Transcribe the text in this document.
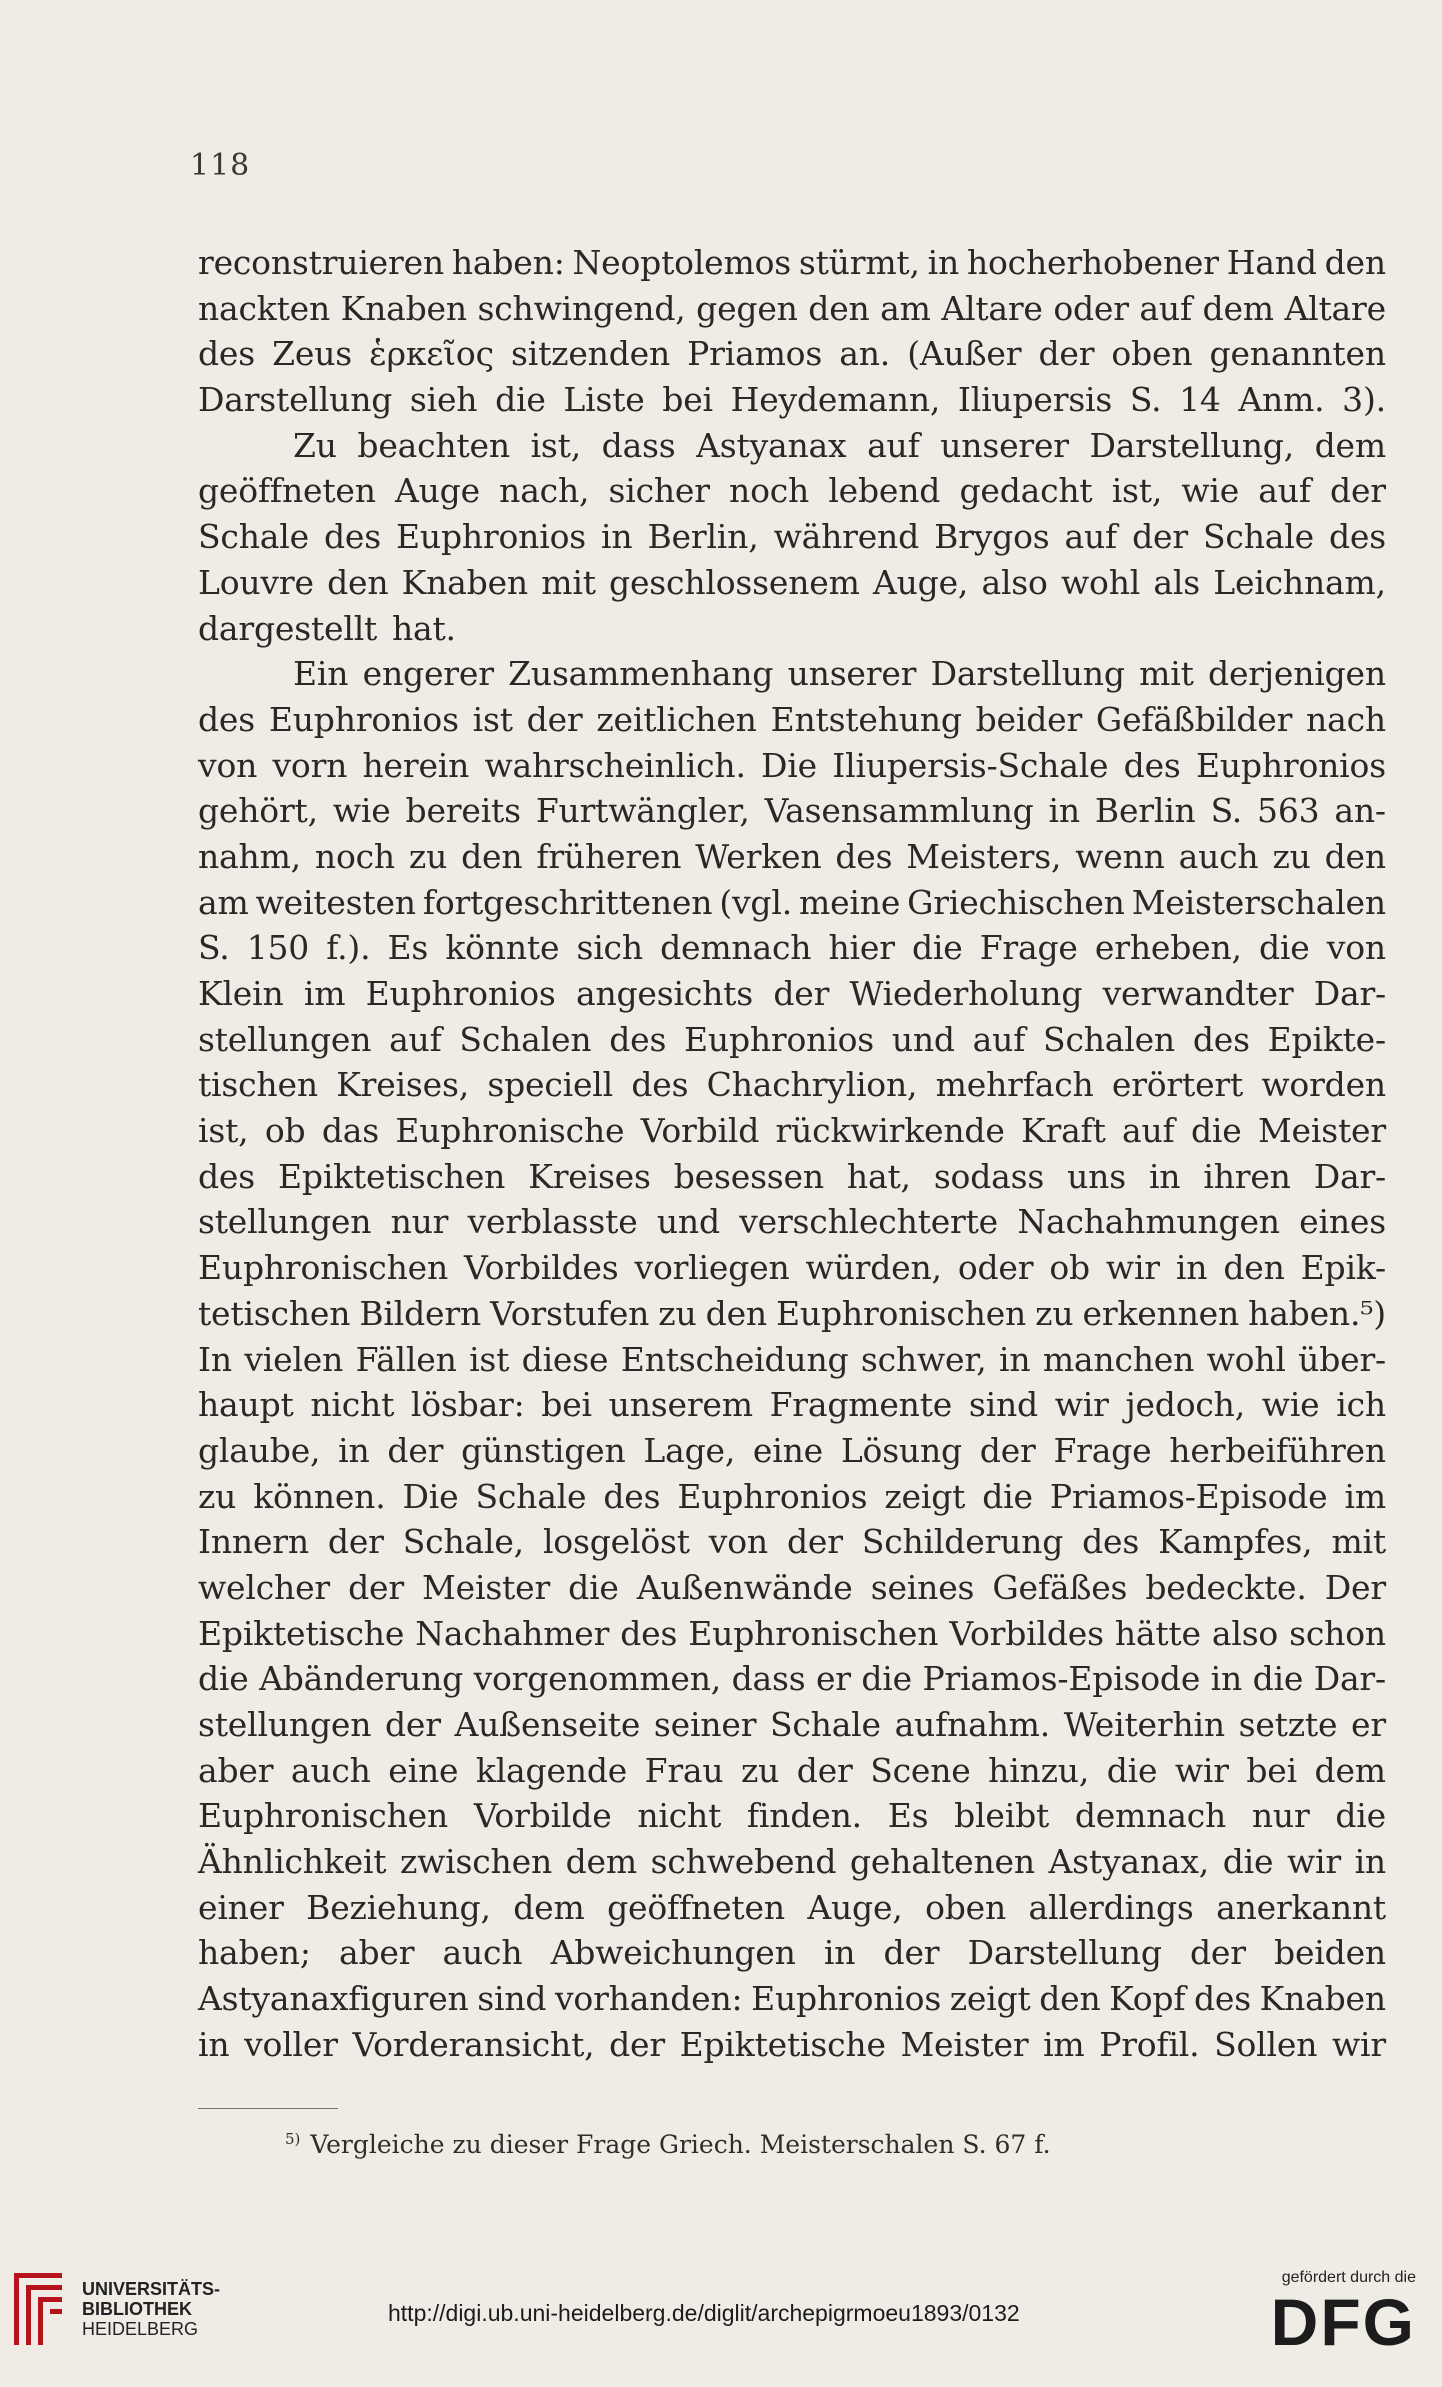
118
reconstruieren haben: Neoptolemos stürmt, in hocherhobener Hand den
nackten Knaben schwingend, gegen den am Altare oder auf dem Altare
des Zeus ἑρκεῖος sitzenden Priamos an. (Außer der oben genannten
Darstellung sieh die Liste bei Heydemann, Iliupersis S. 14 Anm. 3).
Zu beachten ist, dass Astyanax auf unserer Darstellung, dem
geöffneten Auge nach, sicher noch lebend gedacht ist, wie auf der
Schale des Euphronios in Berlin, während Brygos auf der Schale des
Louvre den Knaben mit geschlossenem Auge, also wohl als Leichnam,
dargestellt hat.
Ein engerer Zusammenhang unserer Darstellung mit derjenigen
des Euphronios ist der zeitlichen Entstehung beider Gefäßbilder nach
von vorn herein wahrscheinlich. Die Iliupersis-Schale des Euphronios
gehört, wie bereits Furtwängler, Vasensammlung in Berlin S. 563 an-
nahm, noch zu den früheren Werken des Meisters, wenn auch zu den
am weitesten fortgeschrittenen (vgl. meine Griechischen Meisterschalen
S. 150 f.). Es könnte sich demnach hier die Frage erheben, die von
Klein im Euphronios angesichts der Wiederholung verwandter Dar-
stellungen auf Schalen des Euphronios und auf Schalen des Epikte-
tischen Kreises, speciell des Chachrylion, mehrfach erörtert worden
ist, ob das Euphronische Vorbild rückwirkende Kraft auf die Meister
des Epiktetischen Kreises besessen hat, sodass uns in ihren Dar-
stellungen nur verblasste und verschlechterte Nachahmungen eines
Euphronischen Vorbildes vorliegen würden, oder ob wir in den Epik-
tetischen Bildern Vorstufen zu den Euphronischen zu erkennen haben.⁵)
In vielen Fällen ist diese Entscheidung schwer, in manchen wohl über-
haupt nicht lösbar: bei unserem Fragmente sind wir jedoch, wie ich
glaube, in der günstigen Lage, eine Lösung der Frage herbeiführen
zu können. Die Schale des Euphronios zeigt die Priamos-Episode im
Innern der Schale, losgelöst von der Schilderung des Kampfes, mit
welcher der Meister die Außenwände seines Gefäßes bedeckte. Der
Epiktetische Nachahmer des Euphronischen Vorbildes hätte also schon
die Abänderung vorgenommen, dass er die Priamos-Episode in die Dar-
stellungen der Außenseite seiner Schale aufnahm. Weiterhin setzte er
aber auch eine klagende Frau zu der Scene hinzu, die wir bei dem
Euphronischen Vorbilde nicht finden. Es bleibt demnach nur die
Ähnlichkeit zwischen dem schwebend gehaltenen Astyanax, die wir in
einer Beziehung, dem geöffneten Auge, oben allerdings anerkannt
haben; aber auch Abweichungen in der Darstellung der beiden
Astyanaxfiguren sind vorhanden: Euphronios zeigt den Kopf des Knaben
in voller Vorderansicht, der Epiktetische Meister im Profil. Sollen wir
$^{5)}$ Vergleiche zu dieser Frage Griech. Meisterschalen S. 67 f.
UNIVERSITÄTS-
BIBLIOTHEK
HEIDELBERG
http://digi.ub.uni-heidelberg.de/diglit/archepigrmoeu1893/0132
gefördert durch die
DFG
